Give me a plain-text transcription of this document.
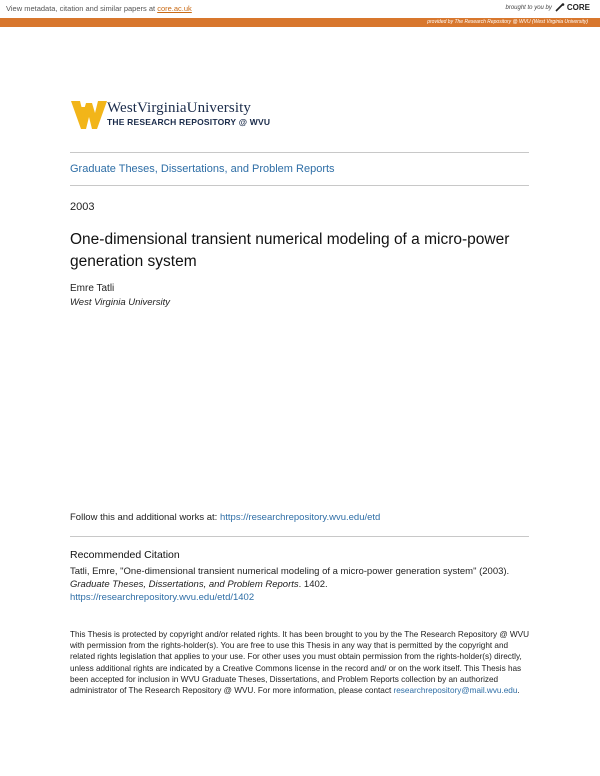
View metadata, citation and similar papers at core.ac.uk	brought to you by CORE
provided by The Research Repository @ WVU (West Virginia University)
WestVirginiaUniversity
THE RESEARCH REPOSITORY @ WVU
Graduate Theses, Dissertations, and Problem Reports
2003
One-dimensional transient numerical modeling of a micro-power generation system
Emre Tatli
West Virginia University
Follow this and additional works at: https://researchrepository.wvu.edu/etd
Recommended Citation
Tatli, Emre, "One-dimensional transient numerical modeling of a micro-power generation system" (2003).
Graduate Theses, Dissertations, and Problem Reports. 1402.
https://researchrepository.wvu.edu/etd/1402
This Thesis is protected by copyright and/or related rights. It has been brought to you by the The Research Repository @ WVU with permission from the rights-holder(s). You are free to use this Thesis in any way that is permitted by the copyright and related rights legislation that applies to your use. For other uses you must obtain permission from the rights-holder(s) directly, unless additional rights are indicated by a Creative Commons license in the record and/ or on the work itself. This Thesis has been accepted for inclusion in WVU Graduate Theses, Dissertations, and Problem Reports collection by an authorized administrator of The Research Repository @ WVU. For more information, please contact researchrepository@mail.wvu.edu.
